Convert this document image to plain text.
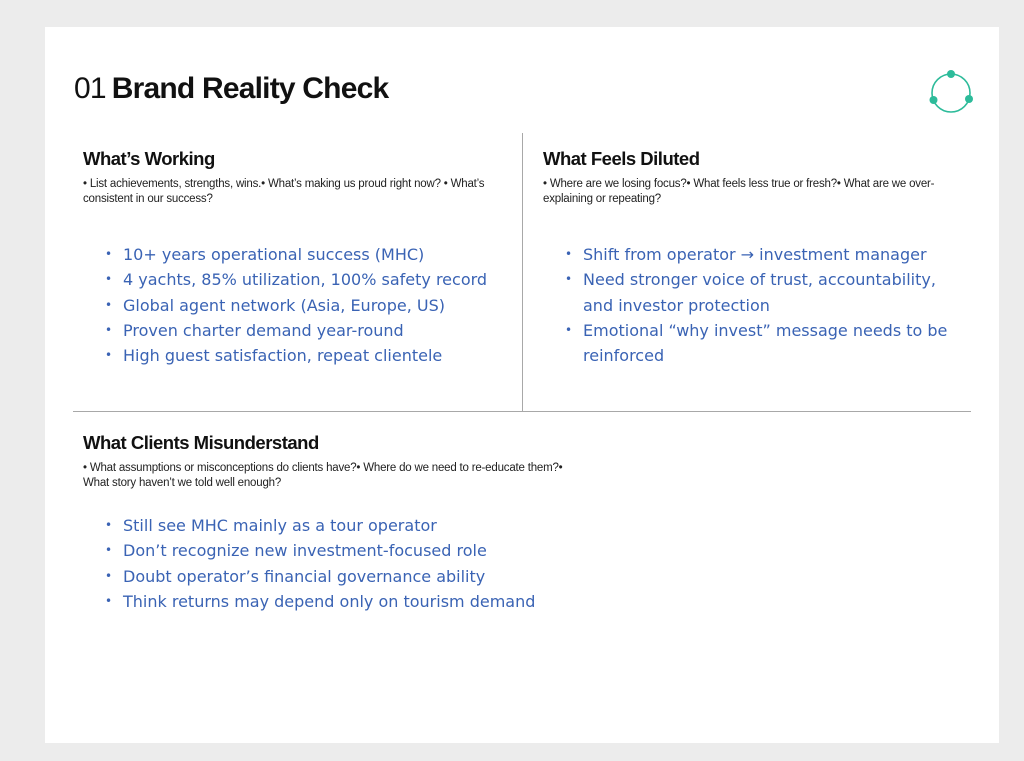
01 Brand Reality Check
What’s Working

• List achievements, strengths, wins.• What’s making us proud right now? • What’s consistent in our success?

• 10+ years operational success (MHC)
• 4 yachts, 85% utilization, 100% safety record
• Global agent network (Asia, Europe, US)
• Proven charter demand year-round
• High guest satisfaction, repeat clientele
What Feels Diluted

• Where are we losing focus?• What feels less true or fresh?• What are we over-explaining or repeating?

• Shift from operator → investment manager
• Need stronger voice of trust, accountability, and investor protection
• Emotional “why invest” message needs to be reinforced
What Clients Misunderstand

• What assumptions or misconceptions do clients have?• Where do we need to re-educate them?• What story haven’t we told well enough?

• Still see MHC mainly as a tour operator
• Don’t recognize new investment-focused role
• Doubt operator’s financial governance ability
• Think returns may depend only on tourism demand
